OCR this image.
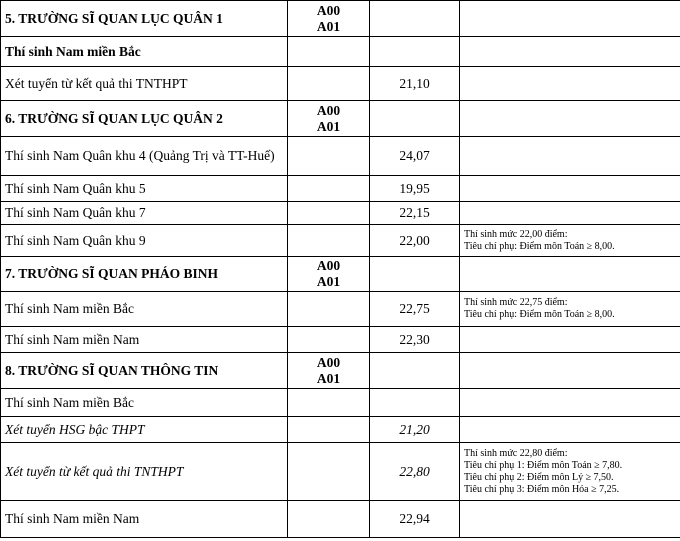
5. TRƯỜNG SĨ QUAN LỤC QUÂN 1	A00
A01		

Thí sinh Nam miền Bắc			
Xét tuyển từ kết quả thi TNTHPT		21,10	
6. TRƯỜNG SĨ QUAN LỤC QUÂN 2	A00
A01		

Thí sinh Nam Quân khu 4 (Quảng Trị và TT-Huế)		24,07	
Thí sinh Nam Quân khu 5		19,95	
Thí sinh Nam Quân khu 7		22,15	
Thí sinh Nam Quân khu 9		22,00	Thí sinh mức 22,00 điểm:
Tiêu chí phụ: Điểm môn Toán ≥ 8,00.

7. TRƯỜNG SĨ QUAN PHÁO BINH	A00
A01		

Thí sinh Nam miền Bắc		22,75	Thí sinh mức 22,75 điểm:
Tiêu chí phụ: Điểm môn Toán ≥ 8,00.

Thí sinh Nam miền Nam		22,30	
8. TRƯỜNG SĨ QUAN THÔNG TIN	A00
A01		

Thí sinh Nam miền Bắc			
Xét tuyển HSG bậc THPT		21,20	
Xét tuyển từ kết quả thi TNTHPT		22,80	Thí sinh mức 22,80 điểm:
Tiêu chí phụ 1: Điểm môn Toán ≥ 7,80.
Tiêu chí phụ 2: Điểm môn Lý ≥ 7,50.
Tiêu chí phụ 3: Điểm môn Hóa ≥ 7,25.

Thí sinh Nam miền Nam		22,94	
